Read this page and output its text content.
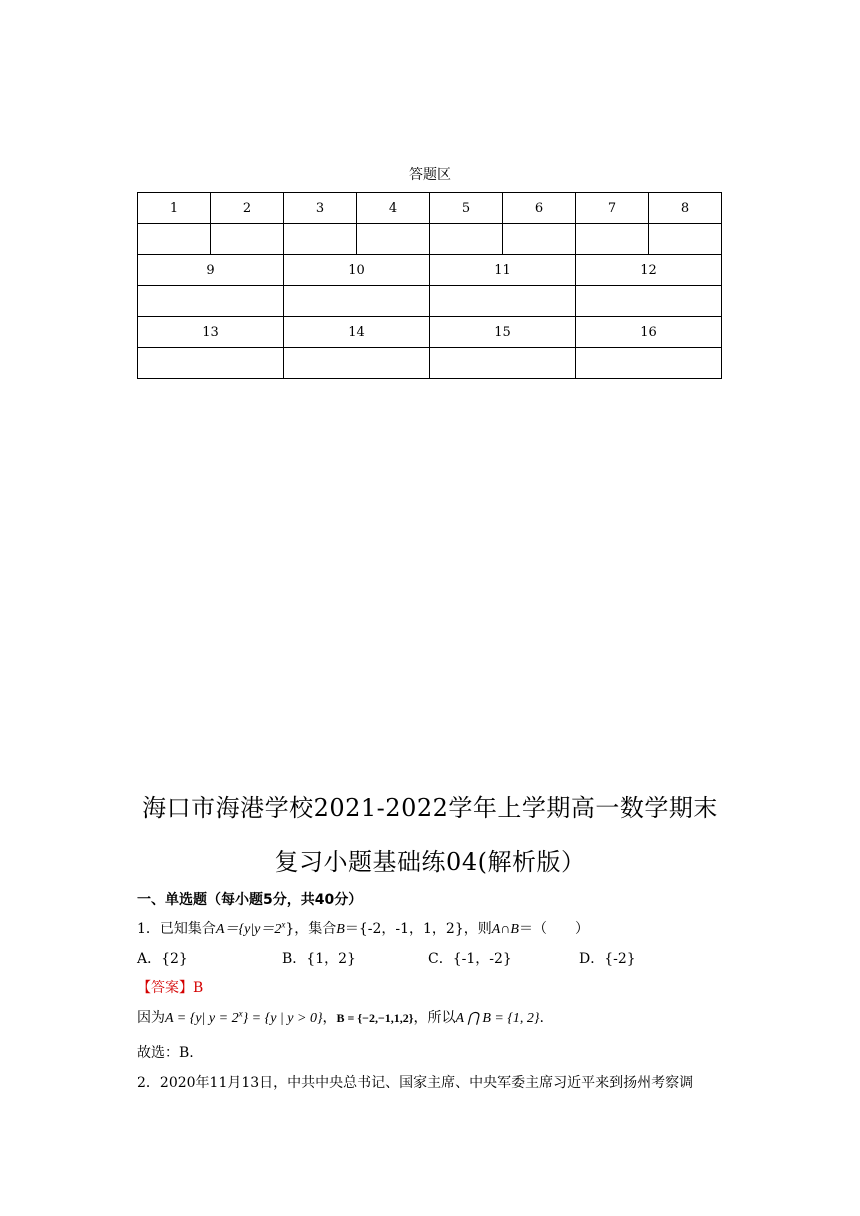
答题区
1	2	3	4	5	6	7	8

9		10		11		12	

13		14		15		16	

海口市海港学校2021-2022学年上学期高一数学期末
复习小题基础练04(解析版）
一、单选题（每小题5分，共40分）
1．已知集合$A=\{y|y=2^x\}$，集合B＝{-2，-1，1，2}，则A∩B＝（　　）
A．{2}	B．{1，2}	C．{-1，-2}	D．{-2}
【答案】B
因为A = {y| $y = 2^x\} = \{y$ | y > 0}，B = {−2,−1,1,2}，所以A ⋂ B = {1, 2}.
故选：B.
2．2020年11月13日，中共中央总书记、国家主席、中央军委主席习近平来到扬州考察调
